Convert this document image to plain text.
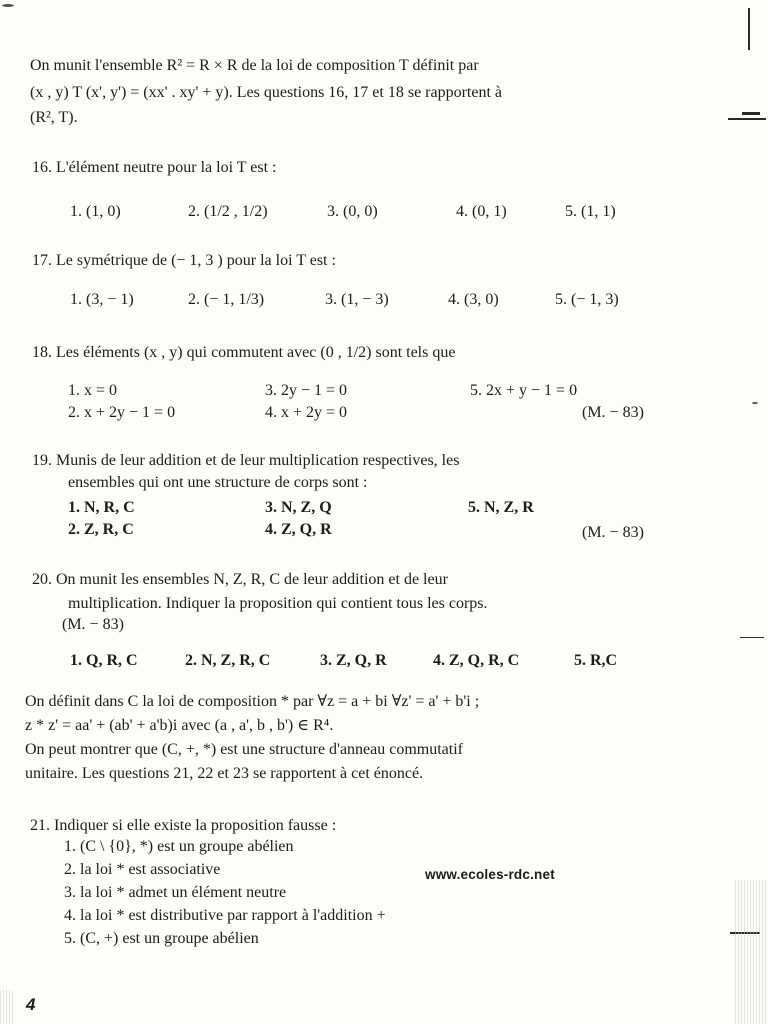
On munit l'ensemble R² = R × R de la loi de composition T définit par
(x , y) T (x', y') = (xx' . xy' + y). Les questions 16, 17 et 18 se rapportent à
(R², T).
16. L'élément neutre pour la loi T est :
1. (1, 0)	2. (1/2 , 1/2)	3. (0, 0)	4. (0, 1)	5. (1, 1)
17. Le symétrique de (− 1, 3 ) pour la loi T est :
1. (3, − 1)	2. (− 1, 1/3)	3. (1, − 3)	4. (3, 0)	5. (− 1, 3)
18. Les éléments (x , y) qui commutent avec (0 , 1/2) sont tels que
1. x = 0	3. 2y − 1 = 0	5. 2x + y − 1 = 0
2. x + 2y − 1 = 0	4. x + 2y = 0	(M. − 83)
19. Munis de leur addition et de leur multiplication respectives, les
ensembles qui ont une structure de corps sont :
1. N, R, C	3. N, Z, Q	5. N, Z, R
2. Z, R, C	4. Z, Q, R	(M. − 83)
20. On munit les ensembles N, Z, R, C de leur addition et de leur
multiplication. Indiquer la proposition qui contient tous les corps.
(M. − 83)
1. Q, R, C	2. N, Z, R, C	3. Z, Q, R	4. Z, Q, R, C	5. R,C
On définit dans C la loi de composition * par ∀z = a + bi ∀z' = a' + b'i ;
z * z' = aa' + (ab' + a'b)i avec (a , a', b , b') ∈ R⁴.
On peut montrer que (C, +, *) est une structure d'anneau commutatif
unitaire. Les questions 21, 22 et 23 se rapportent à cet énoncé.
21. Indiquer si elle existe la proposition fausse :
1. (C \ {0}, *) est un groupe abélien
2. la loi * est associative
3. la loi * admet un élément neutre
4. la loi * est distributive par rapport à l'addition +
5. (C, +) est un groupe abélien
www.ecoles-rdc.net
4
